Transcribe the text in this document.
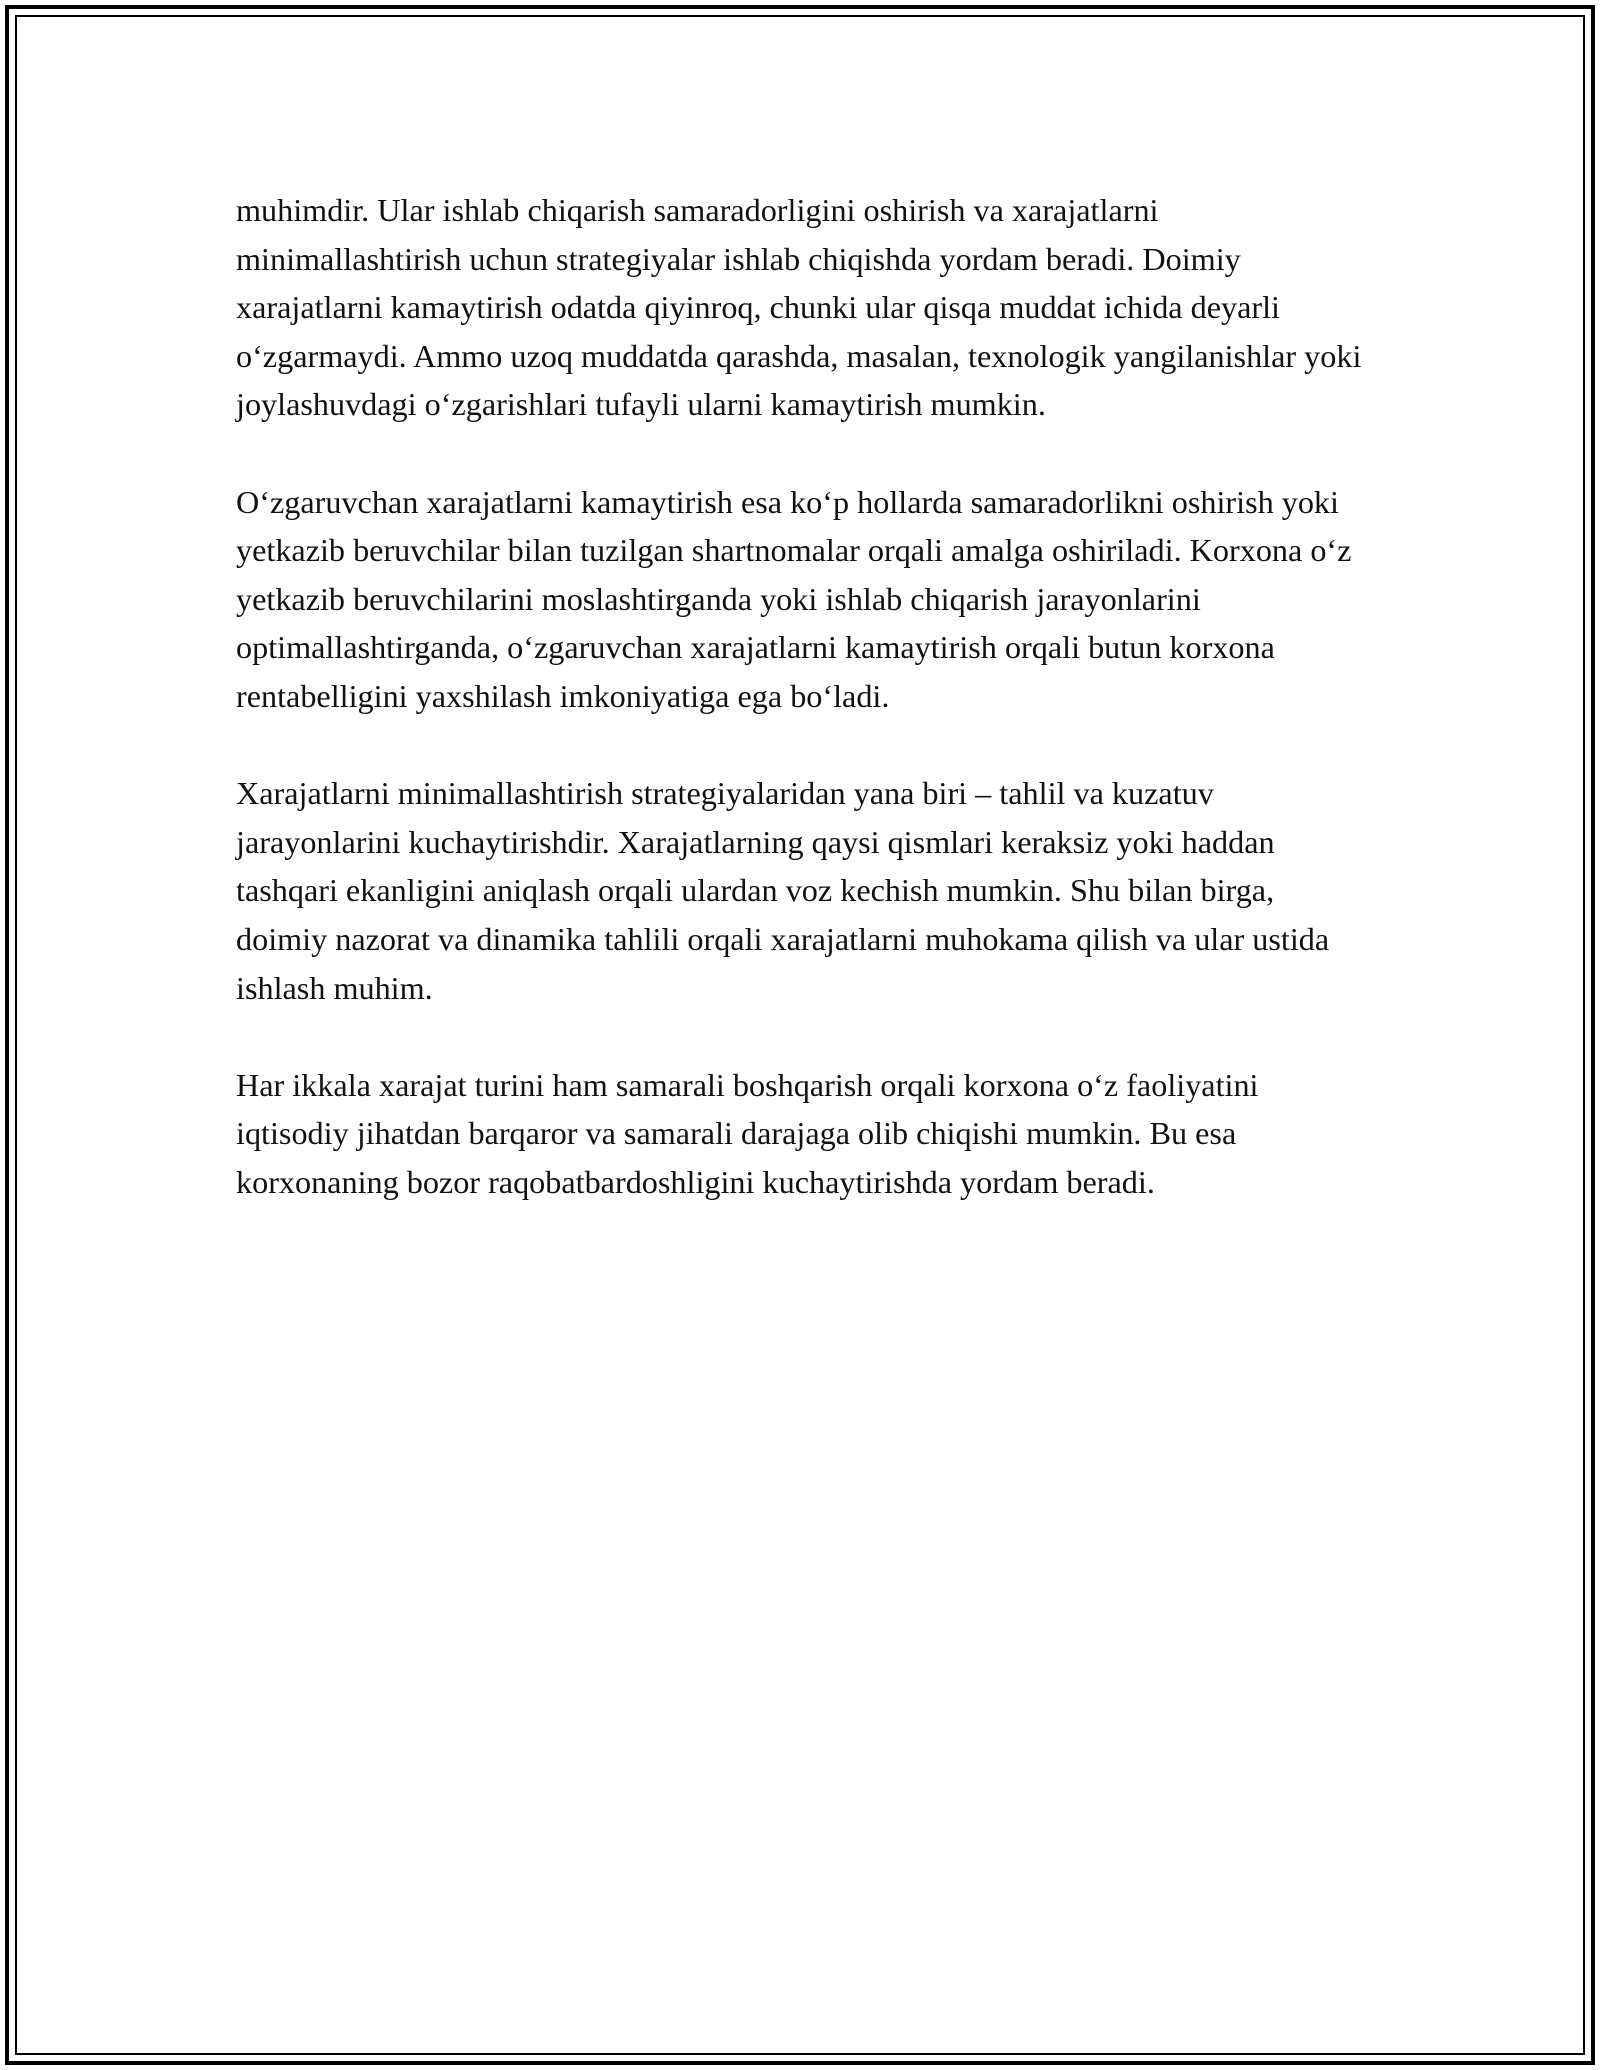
muhimdir. Ular ishlab chiqarish samaradorligini oshirish va xarajatlarni minimallashtirish uchun strategiyalar ishlab chiqishda yordam beradi. Doimiy xarajatlarni kamaytirish odatda qiyinroq, chunki ular qisqa muddat ichida deyarli o‘zgarmaydi. Ammo uzoq muddatda qarashda, masalan, texnologik yangilanishlar yoki joylashuvdagi o‘zgarishlari tufayli ularni kamaytirish mumkin.

O‘zgaruvchan xarajatlarni kamaytirish esa ko‘p hollarda samaradorlikni oshirish yoki yetkazib beruvchilar bilan tuzilgan shartnomalar orqali amalga oshiriladi. Korxona o‘z yetkazib beruvchilarini moslashtirganda yoki ishlab chiqarish jarayonlarini optimallashtirganda, o‘zgaruvchan xarajatlarni kamaytirish orqali butun korxona rentabelligini yaxshilash imkoniyatiga ega bo‘ladi.

Xarajatlarni minimallashtirish strategiyalaridan yana biri – tahlil va kuzatuv jarayonlarini kuchaytirishdir. Xarajatlarning qaysi qismlari keraksiz yoki haddan tashqari ekanligini aniqlash orqali ulardan voz kechish mumkin. Shu bilan birga, doimiy nazorat va dinamika tahlili orqali xarajatlarni muhokama qilish va ular ustida ishlash muhim.

Har ikkala xarajat turini ham samarali boshqarish orqali korxona o‘z faoliyatini iqtisodiy jihatdan barqaror va samarali darajaga olib chiqishi mumkin. Bu esa korxonaning bozor raqobatbardoshligini kuchaytirishda yordam beradi.
